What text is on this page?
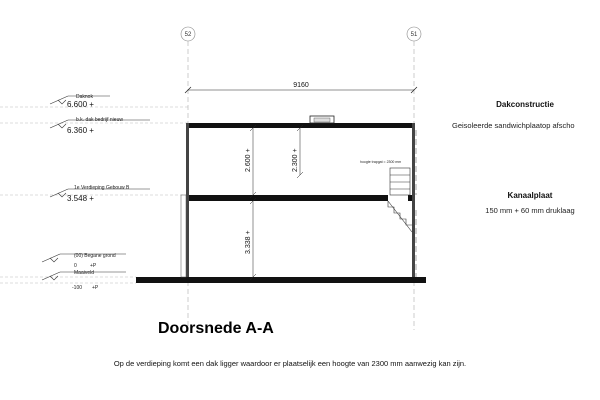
52	51
9160
Daknok
6.600 +
b.k. dak bedrijf nieuw
6.360 +
1e Verdieping Gebouw B
3.548 +
(00) Begane grond
0	+P
Maaiveld
-100 +P
hoogte trapgat = 2300 mm
2.600 +	2.300 +
3.338 +
Dakconstructie
Geisoleerde sandwichplaatop afscho
Kanaalplaat
150 mm + 60 mm druklaag
Doorsnede A-A
Op de verdieping komt een dak ligger waardoor er plaatselijk een hoogte van 2300 mm aanwezig kan zijn.
